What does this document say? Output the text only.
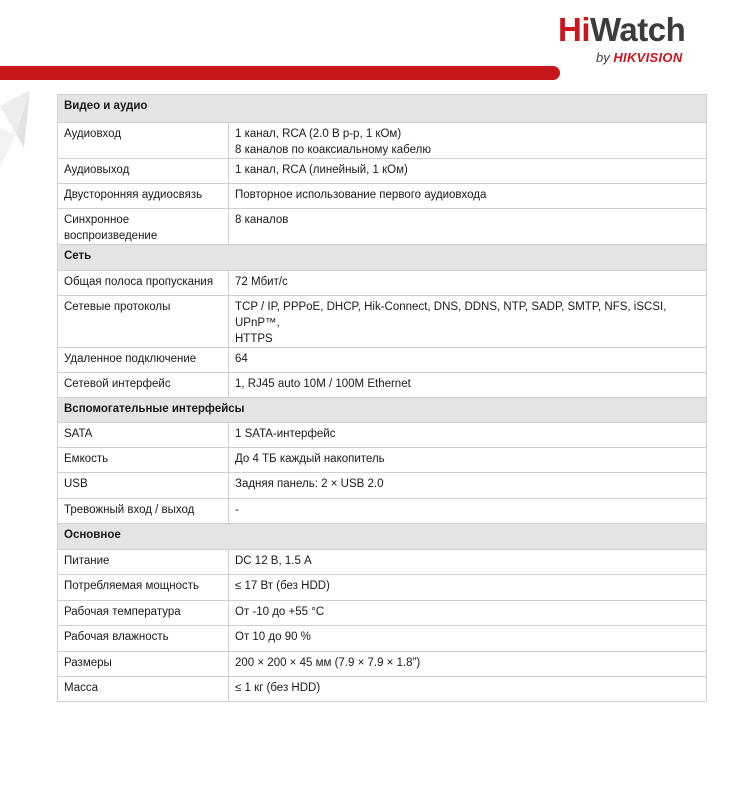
HiWatch
by HIKVISION
Видео и аудио	
Аудиовход	1 канал, RCA (2.0 В р-р, 1 кОм)
8 каналов по коаксиальному кабелю

Аудиовыход	1 канал, RCA (линейный, 1 кОм)

Двусторонняя аудиосвязь	Повторное использование первого аудиовхода

Синхронное воспроизведение	8 каналов

Сеть	
Общая полоса пропускания	72 Мбит/с

Сетевые протоколы	TCP / IP, PPPoE, DHCP, Hik-Connect, DNS, DDNS, NTP, SADP, SMTP, NFS, iSCSI, UPnP™,
HTTPS

Удаленное подключение	64

Сетевой интерфейс	1, RJ45 auto 10M / 100M Ethernet

Вспомогательные интерфейсы	
SATA	1 SATA-интерфейс

Емкость	До 4 ТБ каждый накопитель

USB	Задняя панель: 2 × USB 2.0

Тревожный вход / выход	-

Основное	
Питание	DC 12 В, 1.5 А

Потребляемая мощность	≤ 17 Вт (без HDD)

Рабочая температура	От -10 до +55 °C

Рабочая влажность	От 10 до 90 %

Размеры	200 × 200 × 45 мм (7.9 × 7.9 × 1.8”)

Масса	≤ 1 кг (без HDD)
